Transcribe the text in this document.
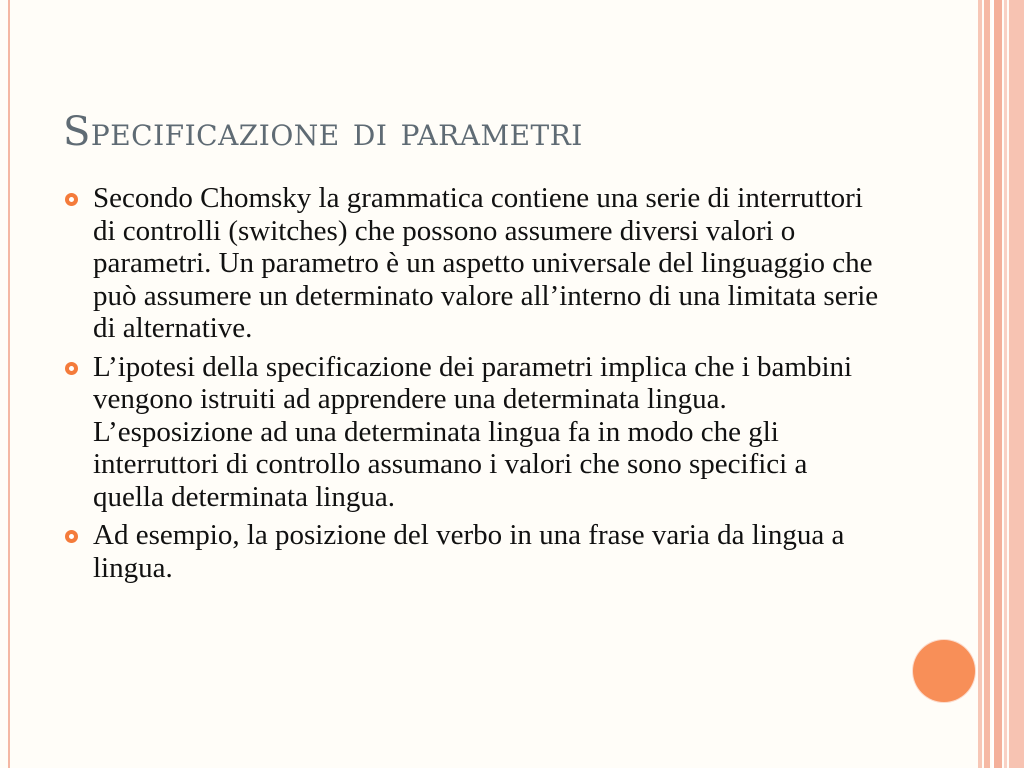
Specificazione di parametri
Secondo Chomsky la grammatica contiene una serie di interruttori di controlli (switches) che possono assumere diversi valori o parametri. Un parametro è un aspetto universale del linguaggio che può assumere un determinato valore all’interno di una limitata serie di alternative.
L’ipotesi della specificazione dei parametri implica che i bambini vengono istruiti ad apprendere una determinata lingua. L’esposizione ad una determinata lingua fa in modo che gli interruttori di controllo assumano i valori che sono specifici a quella determinata lingua.
Ad esempio, la posizione del verbo in una frase varia da lingua a lingua.
